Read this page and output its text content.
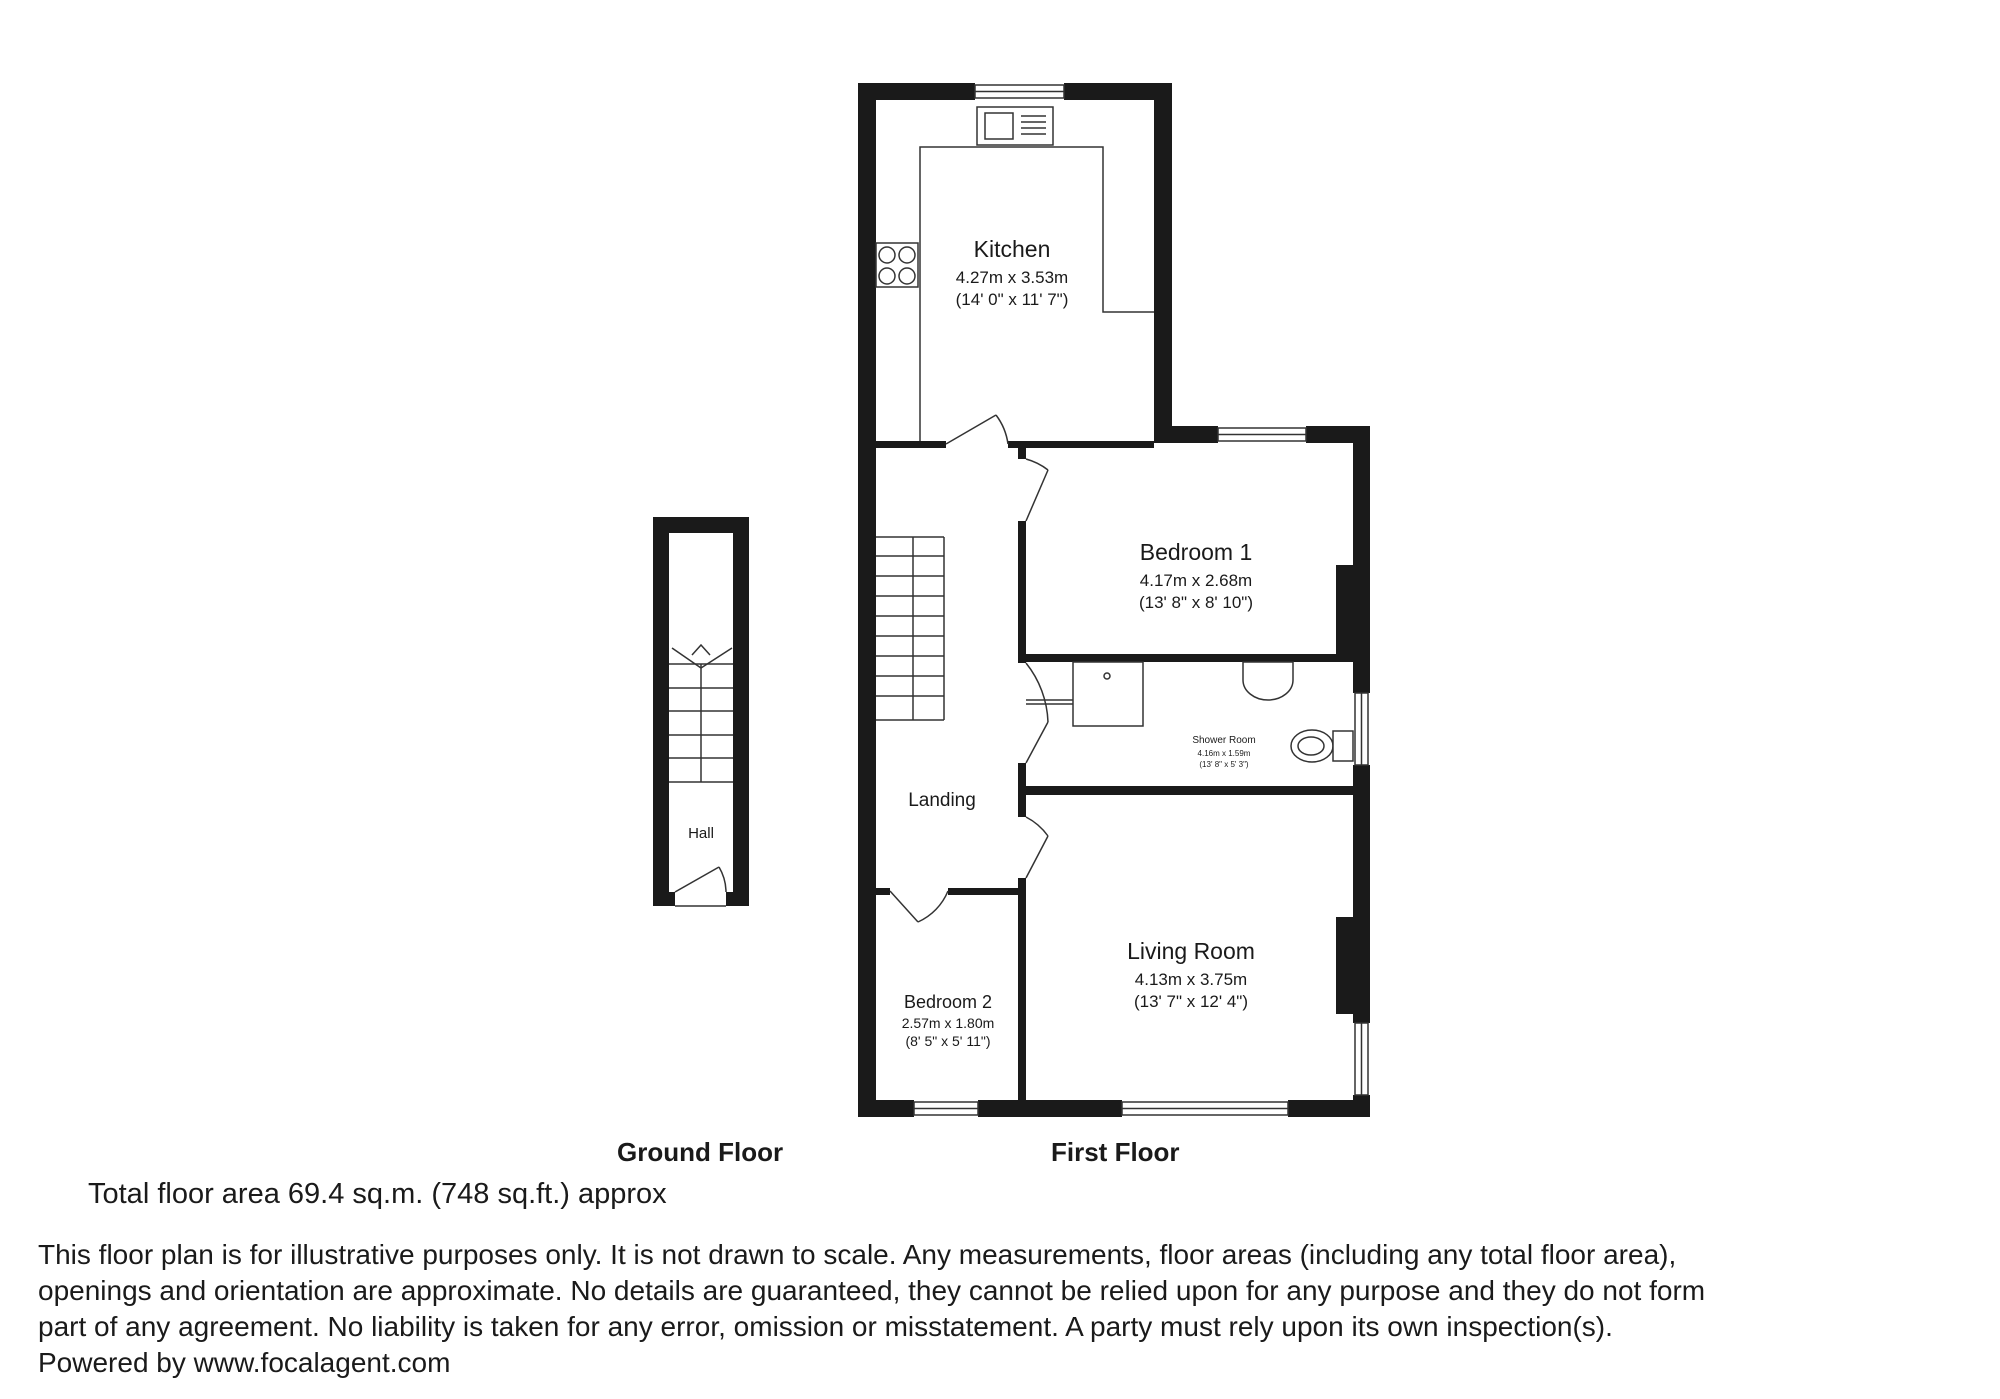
Hall
Kitchen
4.27m x 3.53m
(14' 0" x 11' 7")
Bedroom 1
4.17m x 2.68m
(13' 8" x 8' 10")
Shower Room
4.16m x 1.59m
(13' 8" x 5' 3")
Landing
Living Room
4.13m x 3.75m
(13' 7" x 12' 4")
Bedroom 2
2.57m x 1.80m
(8' 5" x 5' 11")
Ground Floor	First Floor
Total floor area 69.4 sq.m. (748 sq.ft.) approx
This floor plan is for illustrative purposes only. It is not drawn to scale. Any measurements, floor areas (including any total floor area),
openings and orientation are approximate. No details are guaranteed, they cannot be relied upon for any purpose and they do not form
part of any agreement. No liability is taken for any error, omission or misstatement. A party must rely upon its own inspection(s).
Powered by www.focalagent.com
